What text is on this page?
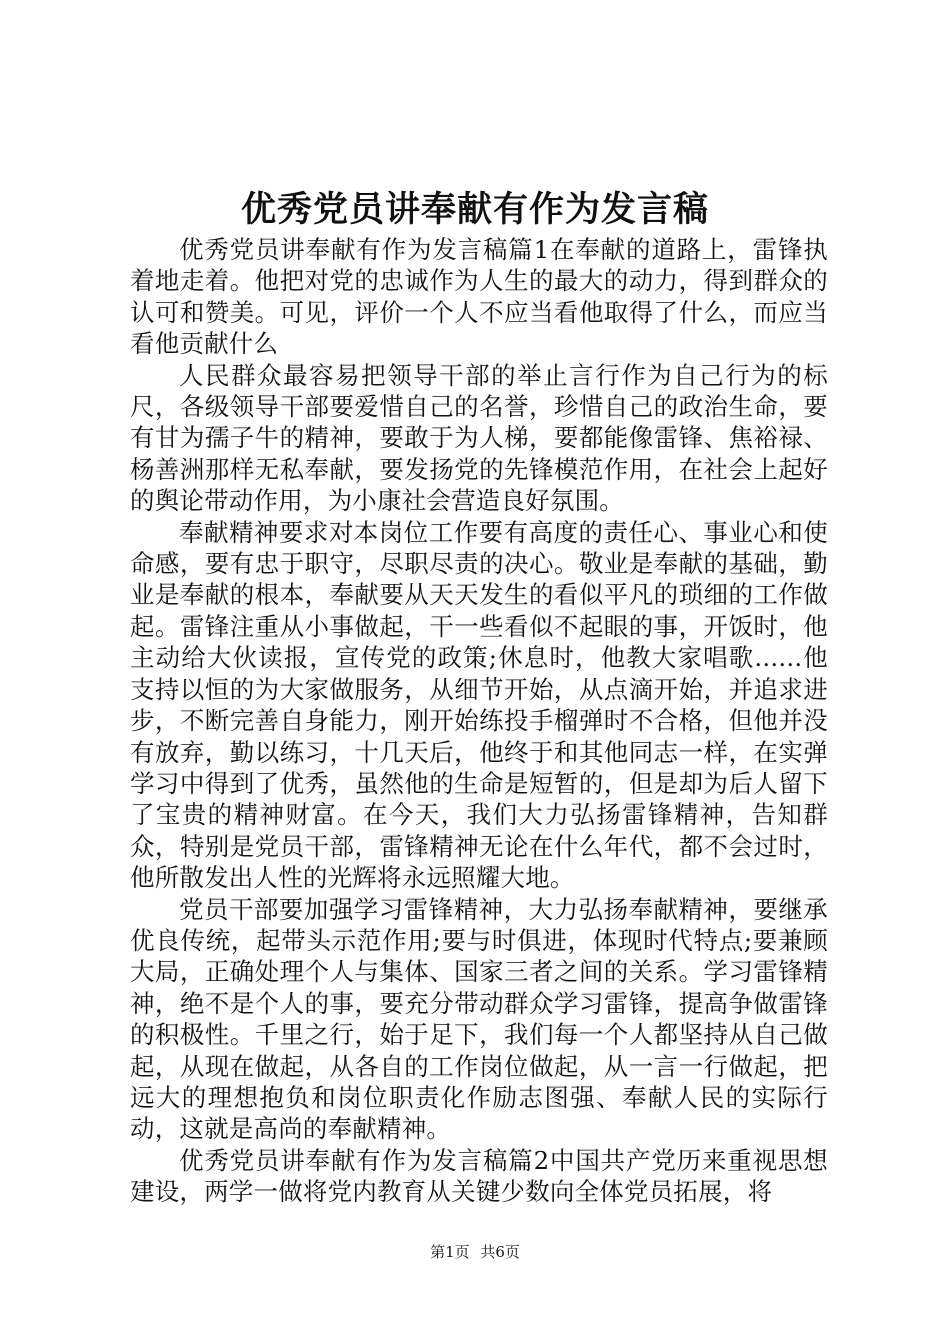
优秀党员讲奉献有作为发言稿

优秀党员讲奉献有作为发言稿篇1在奉献的道路上，雷锋执着地走着。他把对党的忠诚作为人生的最大的动力，得到群众的认可和赞美。可见，评价一个人不应当看他取得了什么，而应当看他贡献什么

人民群众最容易把领导干部的举止言行作为自己行为的标尺，各级领导干部要爱惜自己的名誉，珍惜自己的政治生命，要有甘为孺子牛的精神，要敢于为人梯，要都能像雷锋、焦裕禄、杨善洲那样无私奉献，要发扬党的先锋模范作用，在社会上起好的舆论带动作用，为小康社会营造良好氛围。

奉献精神要求对本岗位工作要有高度的责任心、事业心和使命感，要有忠于职守，尽职尽责的决心。敬业是奉献的基础，勤业是奉献的根本，奉献要从天天发生的看似平凡的琐细的工作做起。雷锋注重从小事做起，干一些看似不起眼的事，开饭时，他主动给大伙读报，宣传党的政策;休息时，他教大家唱歌......他支持以恒的为大家做服务，从细节开始，从点滴开始，并追求进步，不断完善自身能力，刚开始练投手榴弹时不合格，但他并没有放弃，勤以练习，十几天后，他终于和其他同志一样，在实弹学习中得到了优秀，虽然他的生命是短暂的，但是却为后人留下了宝贵的精神财富。在今天，我们大力弘扬雷锋精神，告知群众，特别是党员干部，雷锋精神无论在什么年代，都不会过时，他所散发出人性的光辉将永远照耀大地。

党员干部要加强学习雷锋精神，大力弘扬奉献精神，要继承优良传统，起带头示范作用;要与时俱进，体现时代特点;要兼顾大局，正确处理个人与集体、国家三者之间的关系。学习雷锋精神，绝不是个人的事，要充分带动群众学习雷锋，提高争做雷锋的积极性。千里之行，始于足下，我们每一个人都坚持从自己做起，从现在做起，从各自的工作岗位做起，从一言一行做起，把远大的理想抱负和岗位职责化作励志图强、奉献人民的实际行动，这就是高尚的奉献精神。

优秀党员讲奉献有作为发言稿篇2中国共产党历来重视思想建设，两学一做将党内教育从关键少数向全体党员拓展，将

第1页 共6页
